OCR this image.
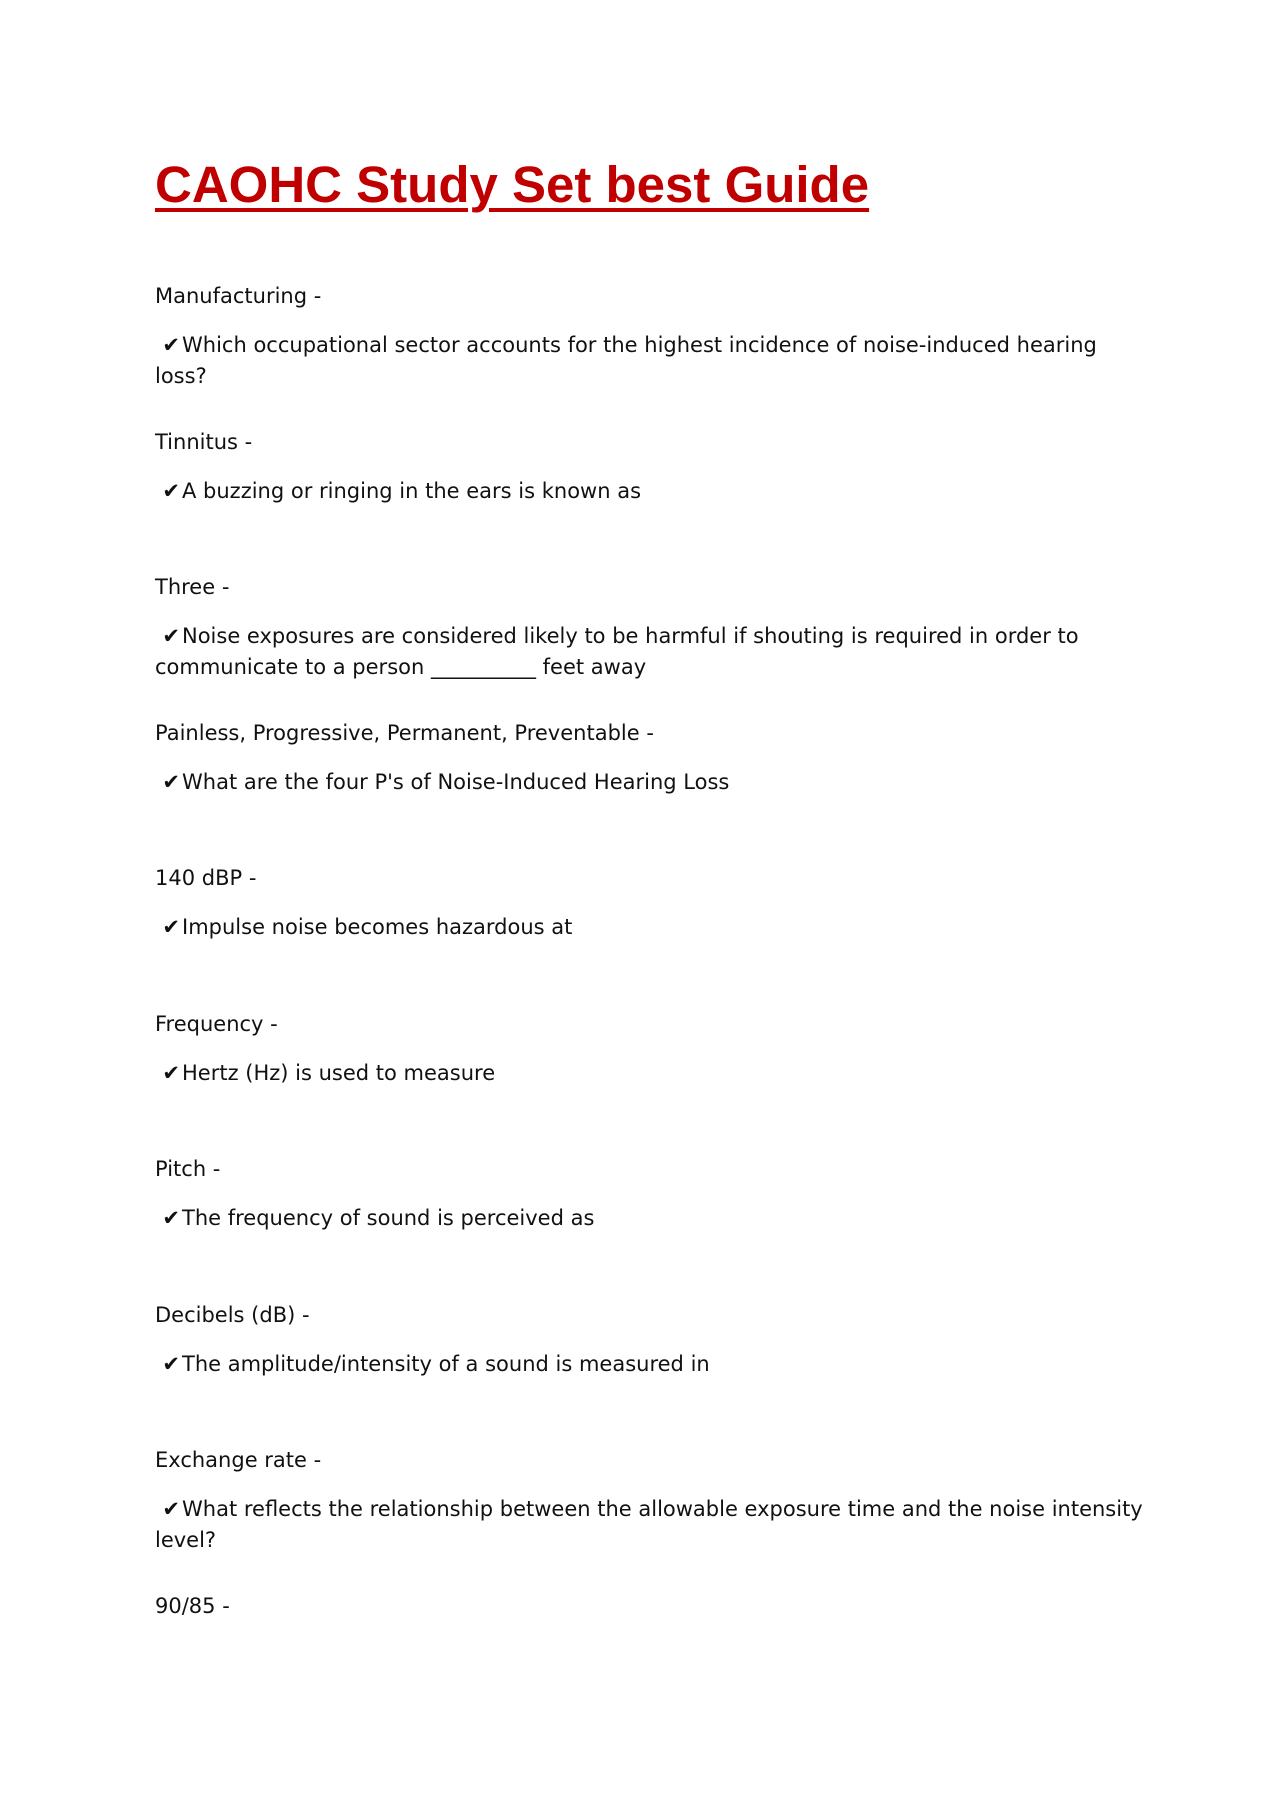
CAOHC Study Set best Guide
Manufacturing -
✔Which occupational sector accounts for the highest incidence of noise-induced hearing loss?
Tinnitus -
✔A buzzing or ringing in the ears is known as
Three -
✔Noise exposures are considered likely to be harmful if shouting is required in order to communicate to a person __________ feet away
Painless, Progressive, Permanent, Preventable -
✔What are the four P's of Noise-Induced Hearing Loss
140 dBP -
✔Impulse noise becomes hazardous at
Frequency -
✔Hertz (Hz) is used to measure
Pitch -
✔The frequency of sound is perceived as
Decibels (dB) -
✔The amplitude/intensity of a sound is measured in
Exchange rate -
✔What reflects the relationship between the allowable exposure time and the noise intensity level?
90/85 -
